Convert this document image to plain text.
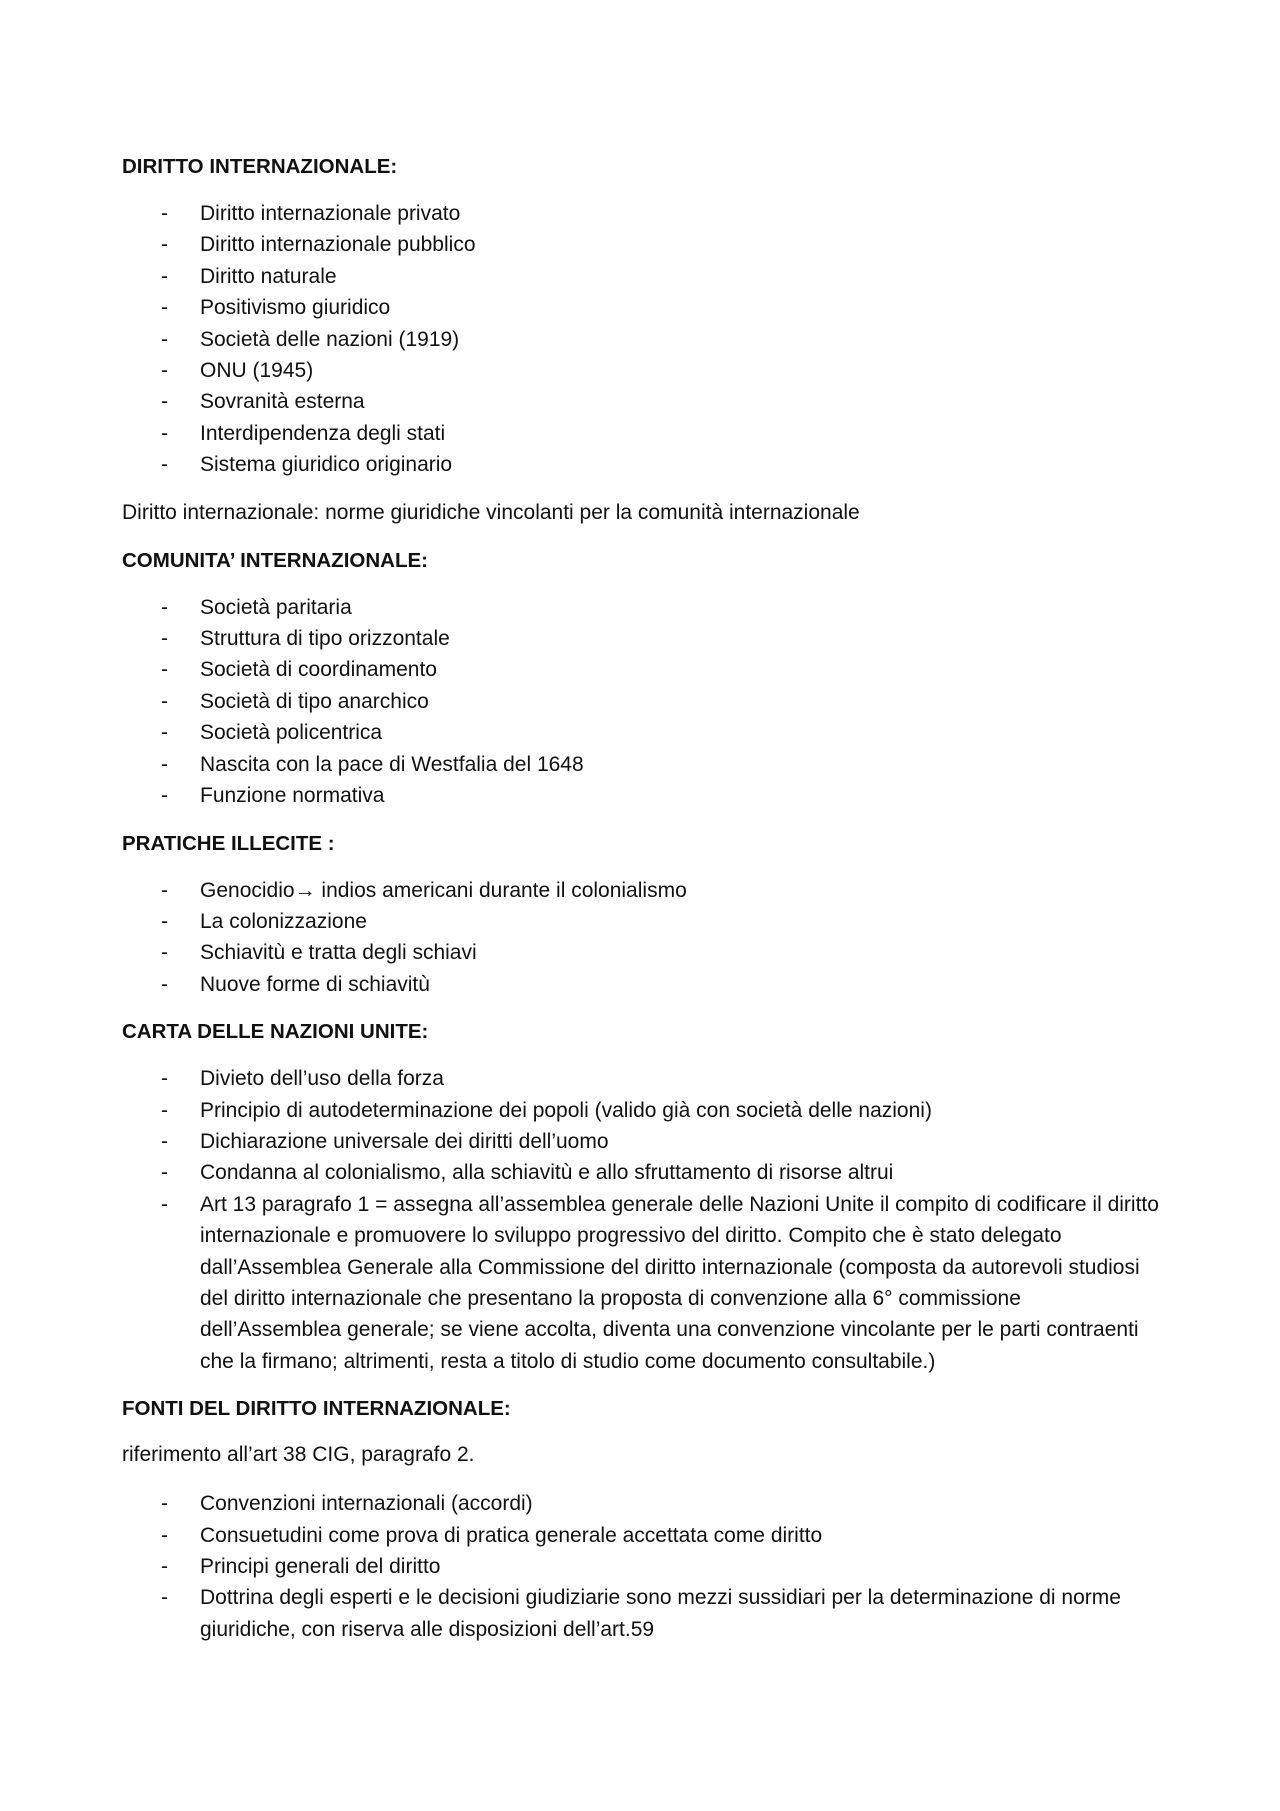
DIRITTO INTERNAZIONALE:
- Diritto internazionale privato
- Diritto internazionale pubblico
- Diritto naturale
- Positivismo giuridico
- Società delle nazioni (1919)
- ONU (1945)
- Sovranità esterna
- Interdipendenza degli stati
- Sistema giuridico originario
Diritto internazionale: norme giuridiche vincolanti per la comunità internazionale
COMUNITA’ INTERNAZIONALE:
- Società paritaria
- Struttura di tipo orizzontale
- Società di coordinamento
- Società di tipo anarchico
- Società policentrica
- Nascita con la pace di Westfalia del 1648
- Funzione normativa
PRATICHE ILLECITE :
- Genocidio→ indios americani durante il colonialismo
- La colonizzazione
- Schiavitù e tratta degli schiavi
- Nuove forme di schiavitù
CARTA DELLE NAZIONI UNITE:
- Divieto dell’uso della forza
- Principio di autodeterminazione dei popoli (valido già con società delle nazioni)
- Dichiarazione universale dei diritti dell’uomo
- Condanna al colonialismo, alla schiavitù e allo sfruttamento di risorse altrui
- Art 13 paragrafo 1 = assegna all’assemblea generale delle Nazioni Unite il compito di codificare il diritto internazionale e promuovere lo sviluppo progressivo del diritto. Compito che è stato delegato dall’Assemblea Generale alla Commissione del diritto internazionale (composta da autorevoli studiosi del diritto internazionale che presentano la proposta di convenzione alla 6° commissione dell’Assemblea generale; se viene accolta, diventa una convenzione vincolante per le parti contraenti che la firmano; altrimenti, resta a titolo di studio come documento consultabile.)
FONTI DEL DIRITTO INTERNAZIONALE:
riferimento all’art 38 CIG, paragrafo 2.
- Convenzioni internazionali (accordi)
- Consuetudini come prova di pratica generale accettata come diritto
- Principi generali del diritto
- Dottrina degli esperti e le decisioni giudiziarie sono mezzi sussidiari per la determinazione di norme giuridiche, con riserva alle disposizioni dell’art.59
